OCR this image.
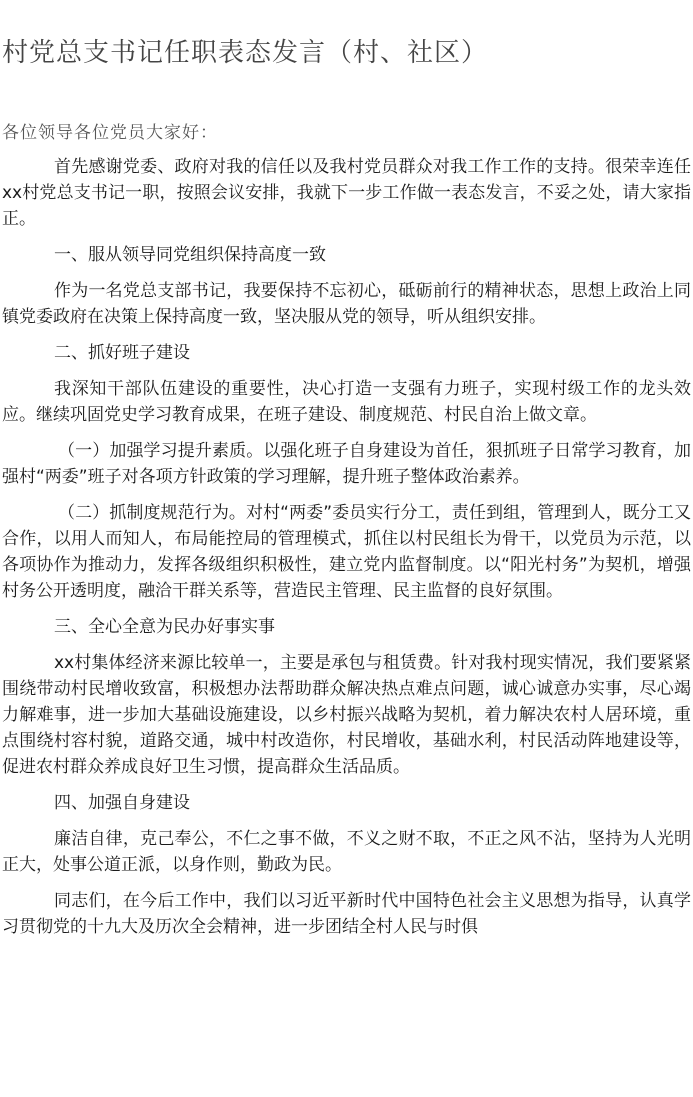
村党总支书记任职表态发言（村、社区）

各位领导各位党员大家好：

首先感谢党委、政府对我的信任以及我村党员群众对我工作工作的支持。很荣幸连任xx村党总支书记一职，按照会议安排，我就下一步工作做一表态发言，不妥之处，请大家指正。

一、服从领导同党组织保持高度一致

作为一名党总支部书记，我要保持不忘初心，砥砺前行的精神状态，思想上政治上同镇党委政府在决策上保持高度一致，坚决服从党的领导，听从组织安排。

二、抓好班子建设

我深知干部队伍建设的重要性，决心打造一支强有力班子，实现村级工作的龙头效应。继续巩固党史学习教育成果，在班子建设、制度规范、村民自治上做文章。

（一）加强学习提升素质。以强化班子自身建设为首任，狠抓班子日常学习教育，加强村“两委”班子对各项方针政策的学习理解，提升班子整体政治素养。

（二）抓制度规范行为。对村“两委”委员实行分工，责任到组，管理到人，既分工又合作，以用人而知人，布局能控局的管理模式，抓住以村民组长为骨干，以党员为示范，以各项协作为推动力，发挥各级组织积极性，建立党内监督制度。以“阳光村务”为契机，增强村务公开透明度，融洽干群关系等，营造民主管理、民主监督的良好氛围。

三、全心全意为民办好事实事

xx村集体经济来源比较单一，主要是承包与租赁费。针对我村现实情况，我们要紧紧围绕带动村民增收致富，积极想办法帮助群众解决热点难点问题，诚心诚意办实事，尽心竭力解难事，进一步加大基础设施建设，以乡村振兴战略为契机，着力解决农村人居环境，重点围绕村容村貌，道路交通，城中村改造你，村民增收，基础水利，村民活动阵地建设等，促进农村群众养成良好卫生习惯，提高群众生活品质。

四、加强自身建设

廉洁自律，克己奉公，不仁之事不做，不义之财不取，不正之风不沾，坚持为人光明正大，处事公道正派，以身作则，勤政为民。

同志们，在今后工作中，我们以习近平新时代中国特色社会主义思想为指导，认真学习贯彻党的十九大及历次全会精神，进一步团结全村人民与时俱
